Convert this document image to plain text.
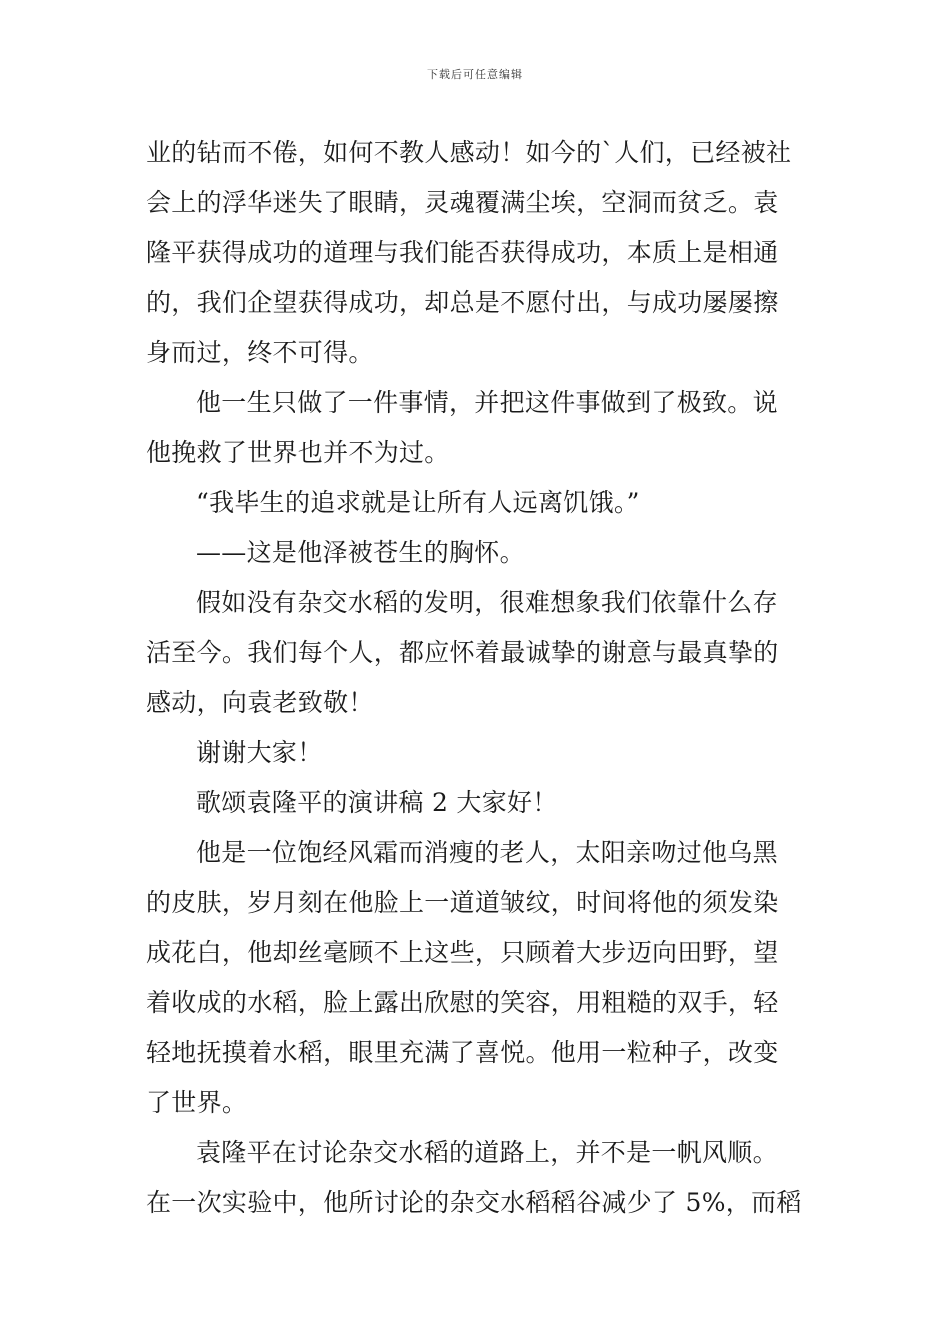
下载后可任意编辑
业的钻而不倦，如何不教人感动！如今的`人们，已经被社
会上的浮华迷失了眼睛，灵魂覆满尘埃，空洞而贫乏。袁
隆平获得成功的道理与我们能否获得成功，本质上是相通
的，我们企望获得成功，却总是不愿付出，与成功屡屡擦
身而过，终不可得。
他一生只做了一件事情，并把这件事做到了极致。说
他挽救了世界也并不为过。
“我毕生的追求就是让所有人远离饥饿。”
——这是他泽被苍生的胸怀。
假如没有杂交水稻的发明，很难想象我们依靠什么存
活至今。我们每个人，都应怀着最诚挚的谢意与最真挚的
感动，向袁老致敬！
谢谢大家！
歌颂袁隆平的演讲稿 2 大家好！
他是一位饱经风霜而消瘦的老人，太阳亲吻过他乌黑
的皮肤，岁月刻在他脸上一道道皱纹，时间将他的须发染
成花白，他却丝毫顾不上这些，只顾着大步迈向田野，望
着收成的水稻，脸上露出欣慰的笑容，用粗糙的双手，轻
轻地抚摸着水稻，眼里充满了喜悦。他用一粒种子，改变
了世界。
袁隆平在讨论杂交水稻的道路上，并不是一帆风顺。
在一次实验中，他所讨论的杂交水稻稻谷减少了 5%，而稻
